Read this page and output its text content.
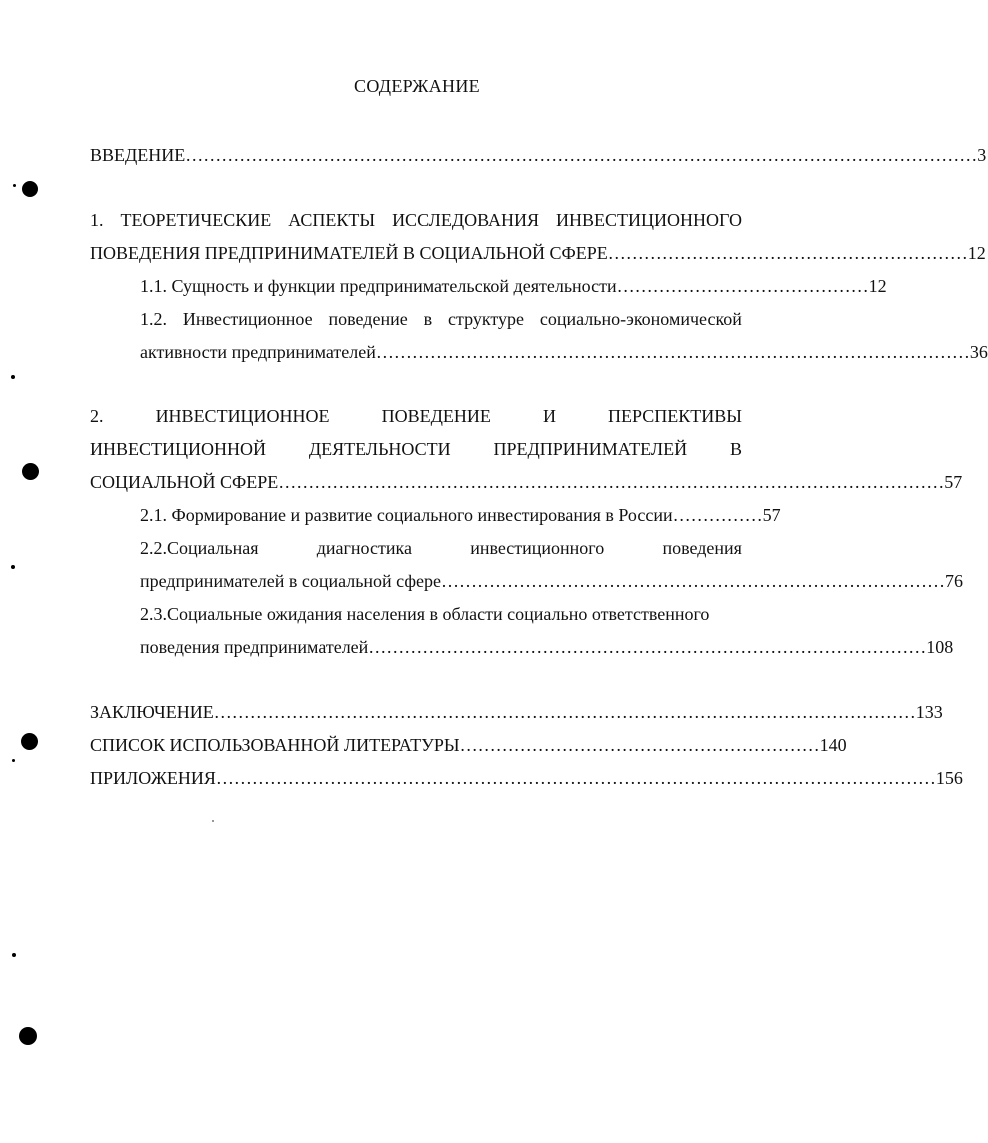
СОДЕРЖАНИЕ
ВВЕДЕНИЕ …………………………………………………………………………………………………………………… 3
1. ТЕОРЕТИЧЕСКИЕ АСПЕКТЫ ИССЛЕДОВАНИЯ ИНВЕСТИЦИОННОГО
ПОВЕДЕНИЯ ПРЕДПРИНИМАТЕЛЕЙ В СОЦИАЛЬНОЙ СФЕРЕ …………………………………………………… 12
1.1. Сущность и функции предпринимательской деятельности …………………………………… 12
1.2. Инвестиционное поведение в структуре социально-экономической
активности предпринимателей ……………………………………………………………………………………… 36
2.	ИНВЕСТИЦИОННОЕ	ПОВЕДЕНИЕ	И	ПЕРСПЕКТИВЫ
ИНВЕСТИЦИОННОЙ ДЕЯТЕЛЬНОСТИ ПРЕДПРИНИМАТЕЛЕЙ В
СОЦИАЛЬНОЙ СФЕРЕ ………………………………………………………………………………………………… 57
2.1. Формирование и развитие социального инвестирования в России …………… 57
2.2.Социальная	диагностика	инвестиционного	поведения
предпринимателей в социальной сфере ………………………………………………………………………… 76
2.3.Социальные ожидания населения в области социально ответственного
поведения предпринимателей ………………………………………………………………………………… 108
ЗАКЛЮЧЕНИЕ ……………………………………………………………………………………………………… 133
СПИСОК ИСПОЛЬЗОВАННОЙ ЛИТЕРАТУРЫ …………………………………………………… 140
ПРИЛОЖЕНИЯ ………………………………………………………………………………………………………… 156
